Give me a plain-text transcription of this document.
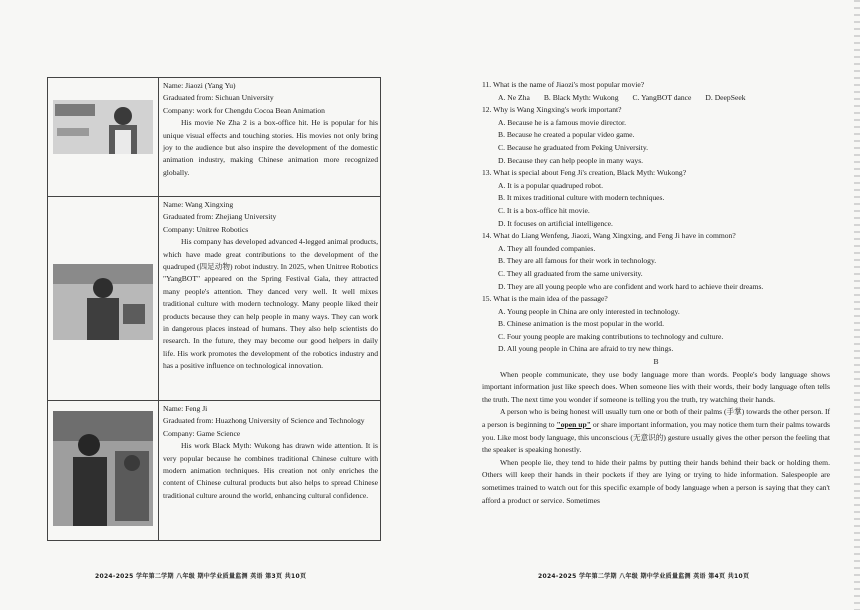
Name: Jiaozi (Yang Yu)

Graduated from: Sichuan University

Company: work for Chengdu Cocoa Bean Animation

His movie Ne Zha 2 is a box-office hit. He is popular for his unique visual effects and touching stories. His movies not only bring joy to the audience but also inspire the development of the domestic animation industry, making Chinese animation more recognized globally.

Name: Wang Xingxing

Graduated from: Zhejiang University

Company: Unitree Robotics

His company has developed advanced 4-legged animal products, which have made great contributions to the development of the quadruped (四足动物) robot industry. In 2025, when Unitree Robotics "YangBOT" appeared on the Spring Festival Gala, they attracted many people's attention. They danced very well. It well mixes traditional culture with modern technology. Many people liked their products because they can help people in many ways. They can work in dangerous places instead of humans. They also help scientists do research. In the future, they may become our good helpers in daily life. His work promotes the development of the robotics industry and has a positive influence on technological innovation.

Name: Feng Ji

Graduated from: Huazhong University of Science and Technology

Company: Game Science

His work Black Myth: Wukong has drawn wide attention. It is very popular because he combines traditional Chinese culture with modern animation techniques. His creation not only enriches the content of Chinese cultural products but also helps to spread Chinese traditional culture around the world, enhancing cultural confidence.

2024-2025 学年第二学期 八年级 期中学业质量监测 英语 第3页 共10页

11. What is the name of Jiaozi's most popular movie?

A. Ne Zha B. Black Myth: Wukong C. YangBOT dance D. DeepSeek

12. Why is Wang Xingxing's work important?

A. Because he is a famous movie director.

B. Because he created a popular video game.

C. Because he graduated from Peking University.

D. Because they can help people in many ways.

13. What is special about Feng Ji's creation, Black Myth: Wukong?

A. It is a popular quadruped robot.

B. It mixes traditional culture with modern techniques.

C. It is a box-office hit movie.

D. It focuses on artificial intelligence.

14. What do Liang Wenfeng, Jiaozi, Wang Xingxing, and Feng Ji have in common?

A. They all founded companies.

B. They are all famous for their work in technology.

C. They all graduated from the same university.

D. They are all young people who are confident and work hard to achieve their dreams.

15. What is the main idea of the passage?

A. Young people in China are only interested in technology.

B. Chinese animation is the most popular in the world.

C. Four young people are making contributions to technology and culture.

D. All young people in China are afraid to try new things.

B

When people communicate, they use body language more than words. People's body language shows important information just like speech does. When someone lies with their words, their body language often tells the truth. The next time you wonder if someone is telling you the truth, try watching their hands.

A person who is being honest will usually turn one or both of their palms (手掌) towards the other person. If a person is beginning to "open up" or share important information, you may notice them turn their palms towards you. Like most body language, this unconscious (无意识的) gesture usually gives the other person the feeling that the speaker is speaking honestly.

When people lie, they tend to hide their palms by putting their hands behind their back or holding them. Others will keep their hands in their pockets if they are lying or trying to hide information. Salespeople are sometimes trained to watch out for this specific example of body language when a person is saying that they can't afford a product or service. Sometimes

2024-2025 学年第二学期 八年级 期中学业质量监测 英语 第4页 共10页
